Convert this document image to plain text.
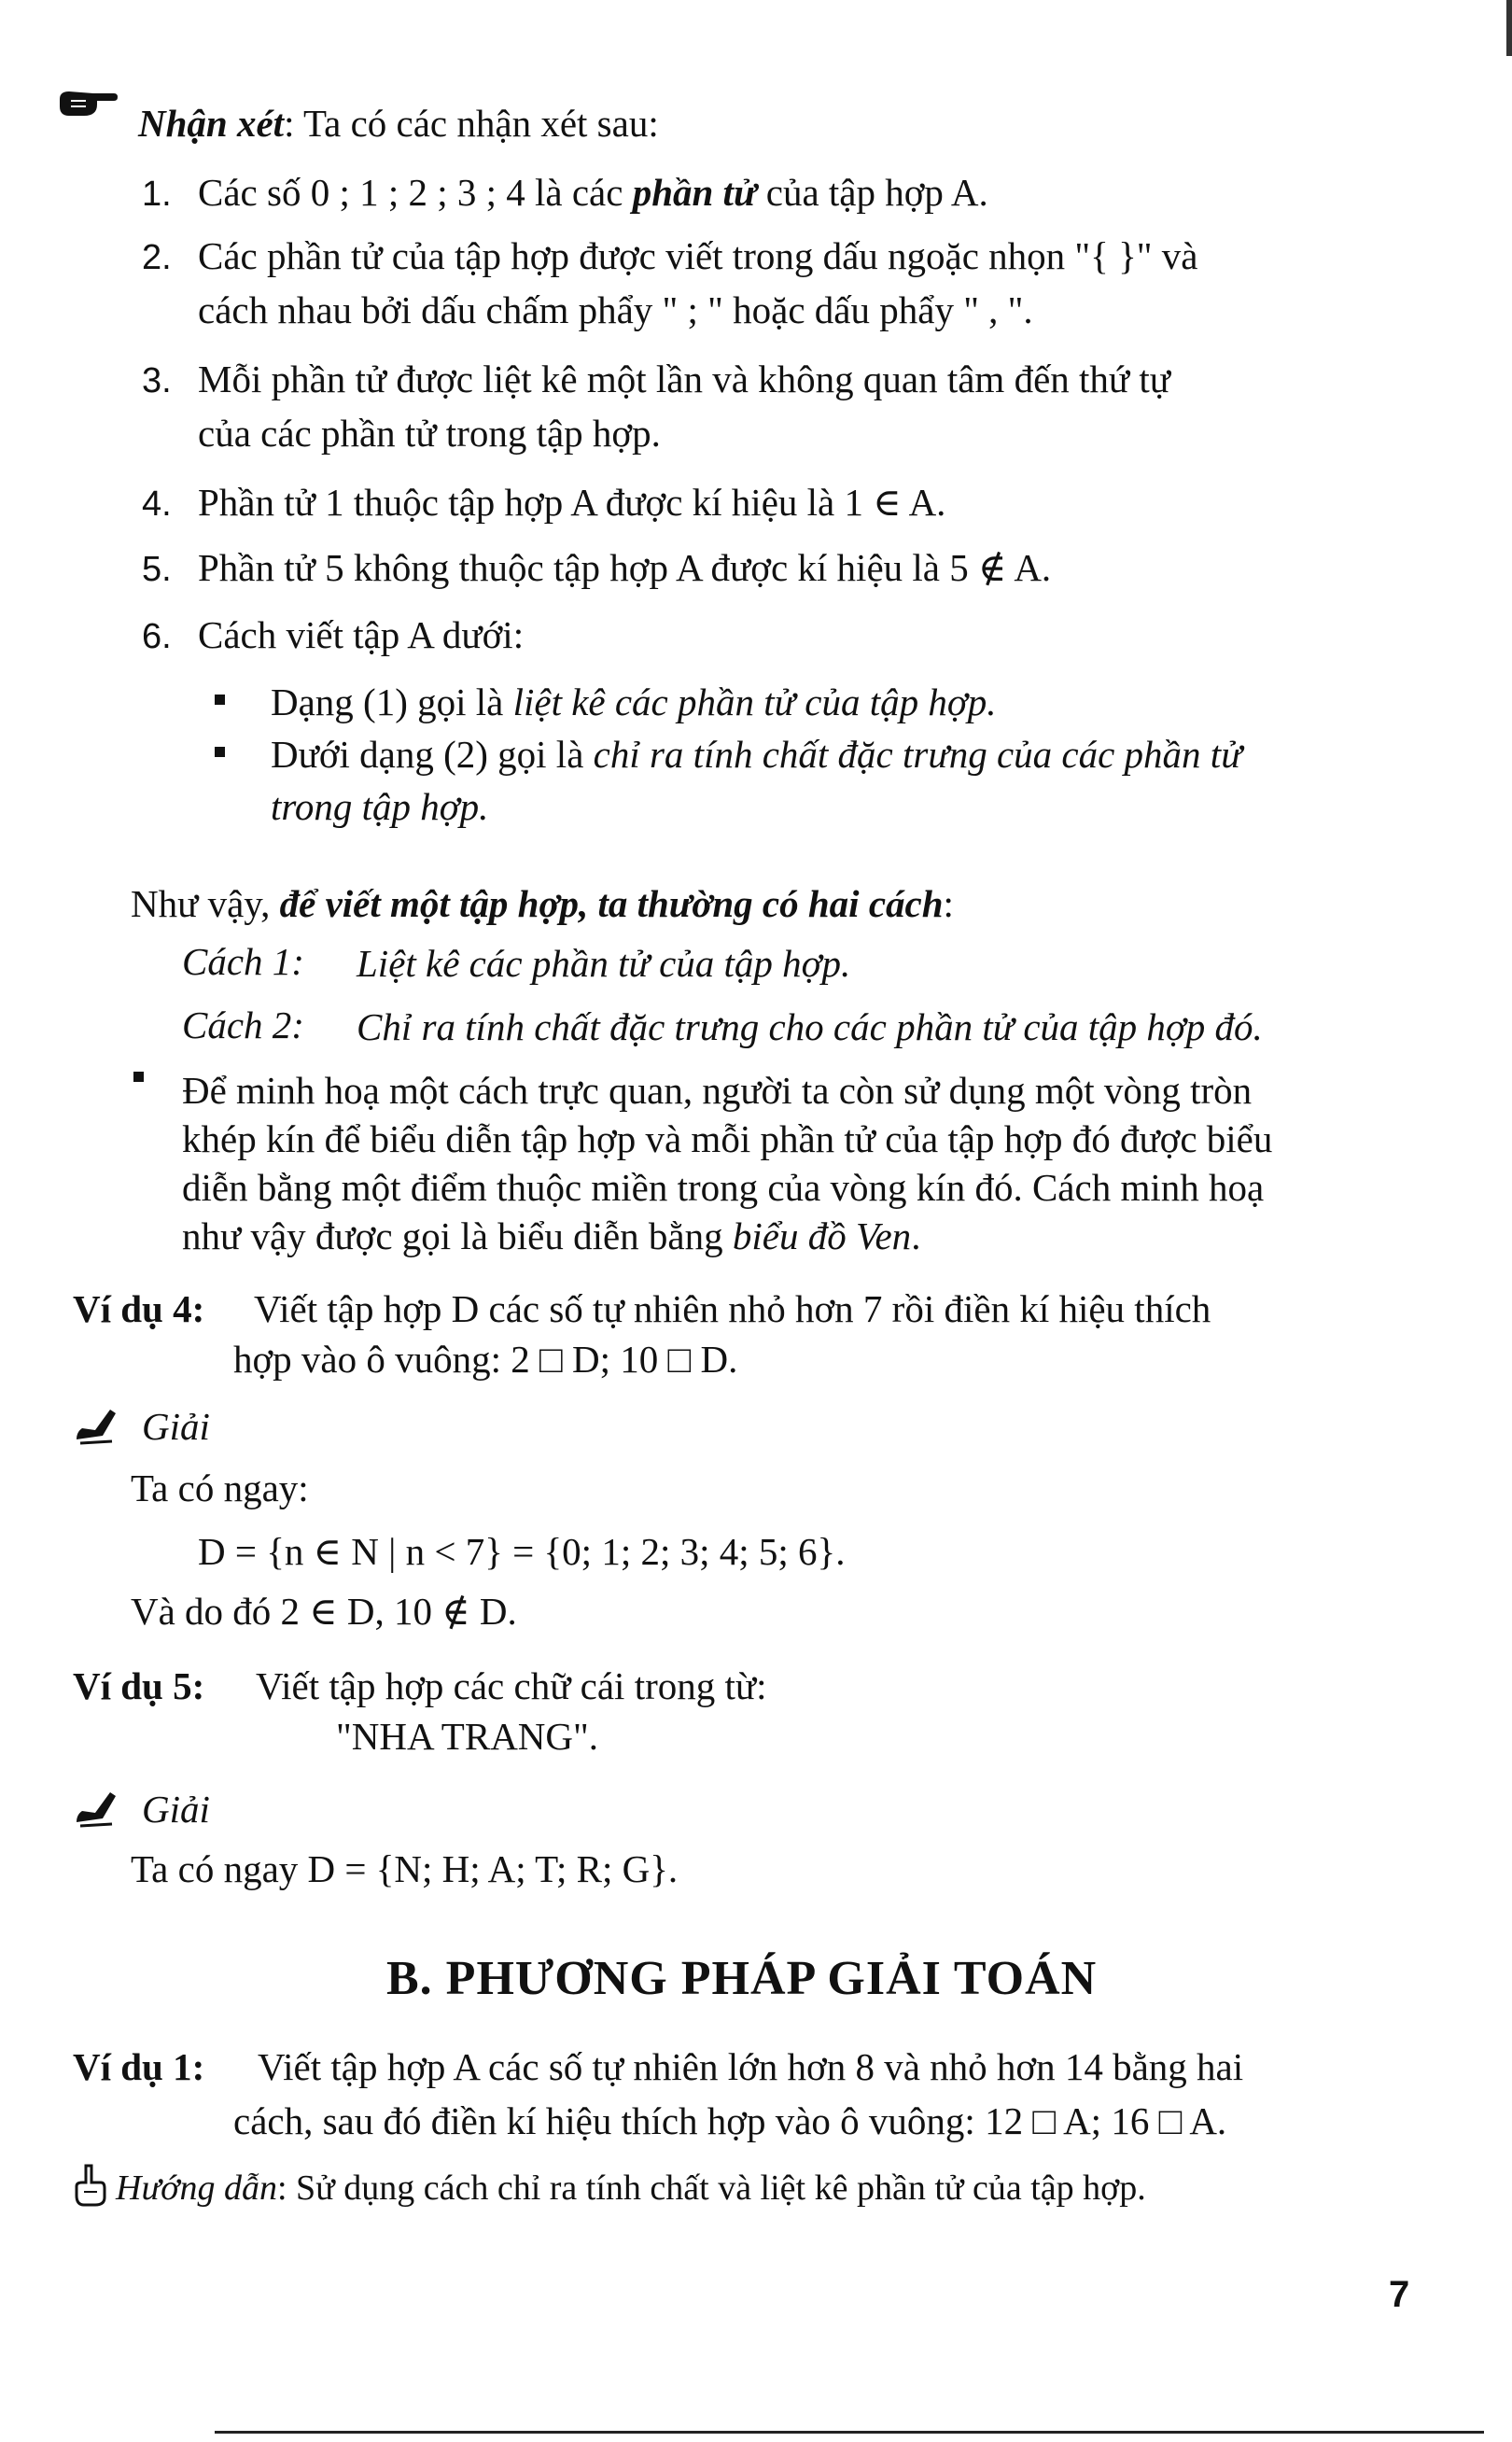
Nhận xét: Ta có các nhận xét sau:
1. Các số 0 ; 1 ; 2 ; 3 ; 4 là các phần tử của tập hợp A.
2. Các phần tử của tập hợp được viết trong dấu ngoặc nhọn "{ }" và
cách nhau bởi dấu chấm phẩy " ; " hoặc dấu phẩy " , ".
3. Mỗi phần tử được liệt kê một lần và không quan tâm đến thứ tự
của các phần tử trong tập hợp.
4. Phần tử 1 thuộc tập hợp A được kí hiệu là 1 ∈ A.
5. Phần tử 5 không thuộc tập hợp A được kí hiệu là 5 ∉ A.
6. Cách viết tập A dưới:
Dạng (1) gọi là liệt kê các phần tử của tập hợp.
Dưới dạng (2) gọi là chỉ ra tính chất đặc trưng của các phần tử
trong tập hợp.
Như vậy, để viết một tập hợp, ta thường có hai cách:
Cách 1: Liệt kê các phần tử của tập hợp.
Cách 2: Chỉ ra tính chất đặc trưng cho các phần tử của tập hợp đó.
Để minh hoạ một cách trực quan, người ta còn sử dụng một vòng tròn
khép kín để biểu diễn tập hợp và mỗi phần tử của tập hợp đó được biểu
diễn bằng một điểm thuộc miền trong của vòng kín đó. Cách minh hoạ
như vậy được gọi là biểu diễn bằng biểu đồ Ven.
Ví dụ 4: Viết tập hợp D các số tự nhiên nhỏ hơn 7 rồi điền kí hiệu thích
hợp vào ô vuông: 2 □ D; 10 □ D.
Giải
Ta có ngay:
D = {n ∈ N | n < 7} = {0; 1; 2; 3; 4; 5; 6}.
Và do đó 2 ∈ D, 10 ∉ D.
Ví dụ 5: Viết tập hợp các chữ cái trong từ:
"NHA TRANG".
Giải
Ta có ngay D = {N; H; A; T; R; G}.
B. PHƯƠNG PHÁP GIẢI TOÁN
Ví dụ 1: Viết tập hợp A các số tự nhiên lớn hơn 8 và nhỏ hơn 14 bằng hai
cách, sau đó điền kí hiệu thích hợp vào ô vuông: 12 □ A; 16 □ A.
Hướng dẫn: Sử dụng cách chỉ ra tính chất và liệt kê phần tử của tập hợp.
7
